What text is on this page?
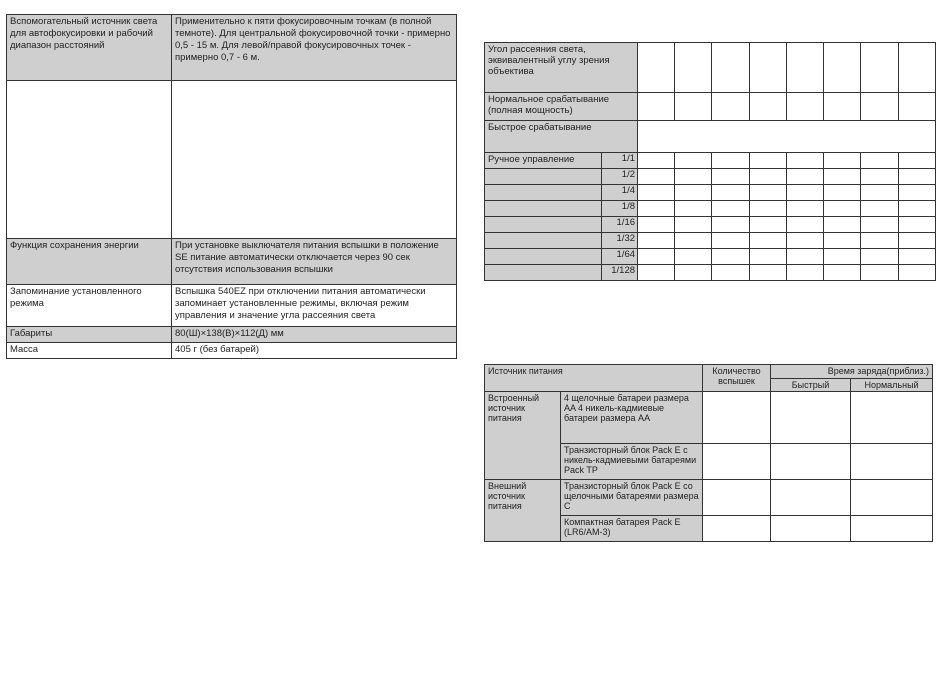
Вспомогательный источник света для автофокусировки и рабочий диапазон расстояний	Применительно к пяти фокусировочным точкам (в полной темноте). Для центральной фокусировочной точки - примерно 0,5 - 15 м. Для левой/правой фокусировочных точек - примерно 0,7 - 6 м.

Функция сохранения энергии	При установке выключателя питания вспышки в положение SE питание автоматически отключается через 90 сек отсутствия использования вспышки
Запоминание установленного режима	Вспышка 540EZ при отключении питания автоматически запоминает установленные режимы, включая режим управления и значение угла рассеяния света
Габариты	80(Ш)×138(В)×112(Д) мм
Масса	405 г (без батарей)
Угол рассеяния света, эквивалентный углу зрения объектива									
Нормальное срабатывание (полная мощность)									
Быстрое срабатывание									
Ручное управление	1/1								
	1/2								
	1/4								
	1/8								
	1/16								
	1/32								
	1/64								
	1/128								
Источник питания		Количество вспышек	Время заряда(приблиз.)	
			Быстрый	Нормальный
Встроенный источник питания	4 щелочные батареи размера AA 4 никель-кадмиевые батареи размера AA			
	Транзисторный блок Pack E с никель-кадмиевыми батареями Pack TP			
Внешний источник питания	Транзисторный блок Pack E со щелочными батареями размера C			
	Компактная батарея Pack E (LR6/AM-3)			
